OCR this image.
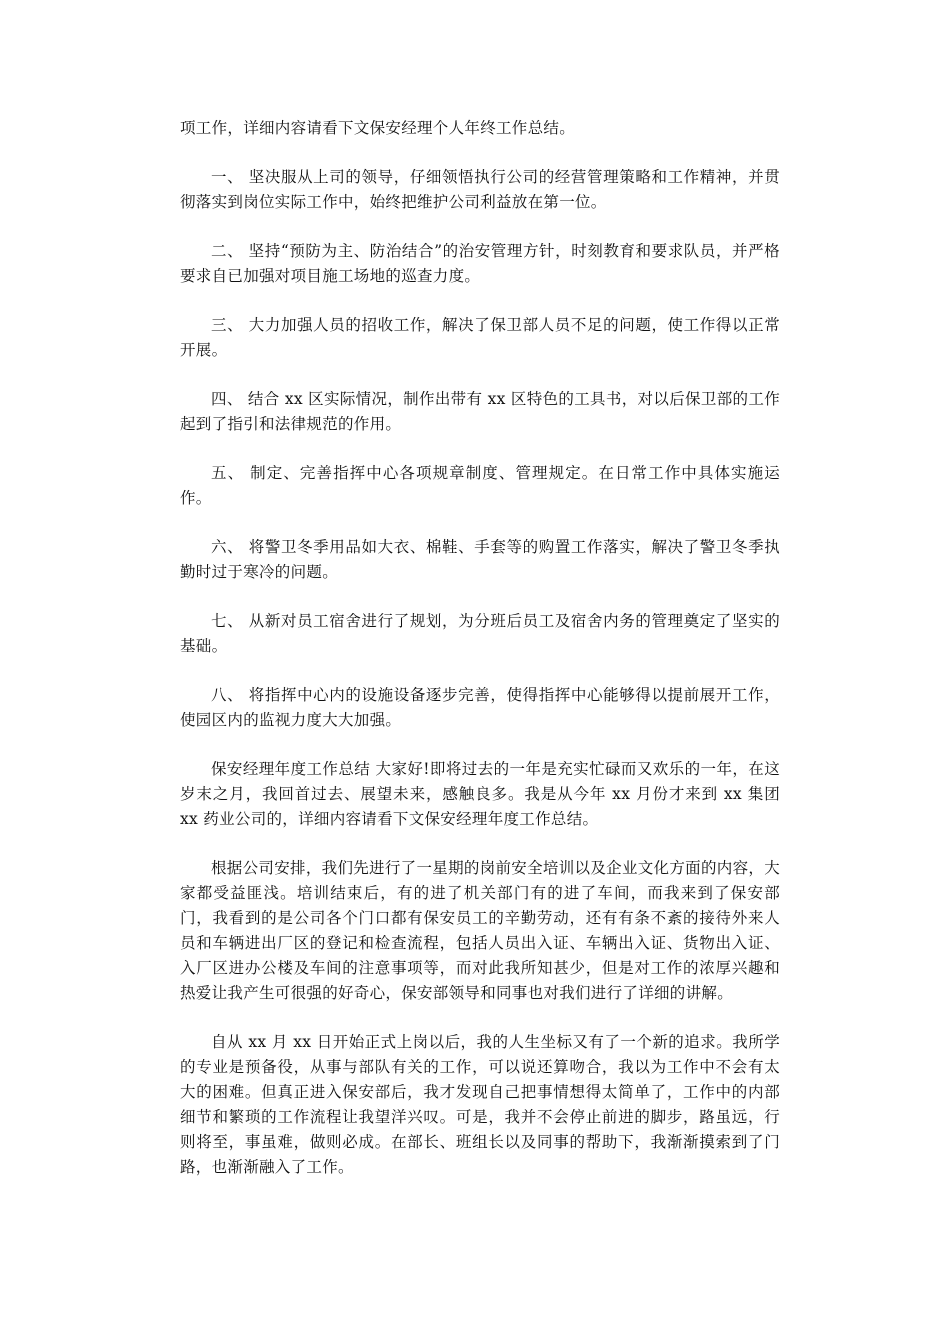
项工作，详细内容请看下文保安经理个人年终工作总结。

一、 坚决服从上司的领导，仔细领悟执行公司的经营管理策略和工作精神，并贯彻落实到岗位实际工作中，始终把维护公司利益放在第一位。

二、 坚持“预防为主、防治结合”的治安管理方针，时刻教育和要求队员，并严格要求自已加强对项目施工场地的巡查力度。

三、 大力加强人员的招收工作，解决了保卫部人员不足的问题，使工作得以正常开展。

四、 结合 xx 区实际情况，制作出带有 xx 区特色的工具书，对以后保卫部的工作起到了指引和法律规范的作用。

五、 制定、完善指挥中心各项规章制度、管理规定。在日常工作中具体实施运作。

六、 将警卫冬季用品如大衣、棉鞋、手套等的购置工作落实，解决了警卫冬季执勤时过于寒冷的问题。

七、 从新对员工宿舍进行了规划，为分班后员工及宿舍内务的管理奠定了坚实的基础。

八、 将指挥中心内的设施设备逐步完善，使得指挥中心能够得以提前展开工作，使园区内的监视力度大大加强。

保安经理年度工作总结 大家好!即将过去的一年是充实忙碌而又欢乐的一年，在这岁末之月，我回首过去、展望未来，感触良多。我是从今年 xx 月份才来到 xx 集团 xx 药业公司的，详细内容请看下文保安经理年度工作总结。

根据公司安排，我们先进行了一星期的岗前安全培训以及企业文化方面的内容，大家都受益匪浅。培训结束后，有的进了机关部门有的进了车间，而我来到了保安部门，我看到的是公司各个门口都有保安员工的辛勤劳动，还有有条不紊的接待外来人员和车辆进出厂区的登记和检查流程，包括人员出入证、车辆出入证、货物出入证、入厂区进办公楼及车间的注意事项等，而对此我所知甚少，但是对工作的浓厚兴趣和热爱让我产生可很强的好奇心，保安部领导和同事也对我们进行了详细的讲解。

自从 xx 月 xx 日开始正式上岗以后，我的人生坐标又有了一个新的追求。我所学的专业是预备役，从事与部队有关的工作，可以说还算吻合，我以为工作中不会有太大的困难。但真正进入保安部后，我才发现自己把事情想得太简单了，工作中的内部细节和繁琐的工作流程让我望洋兴叹。可是，我并不会停止前进的脚步，路虽远，行则将至，事虽难，做则必成。在部长、班组长以及同事的帮助下，我渐渐摸索到了门路，也渐渐融入了工作。
